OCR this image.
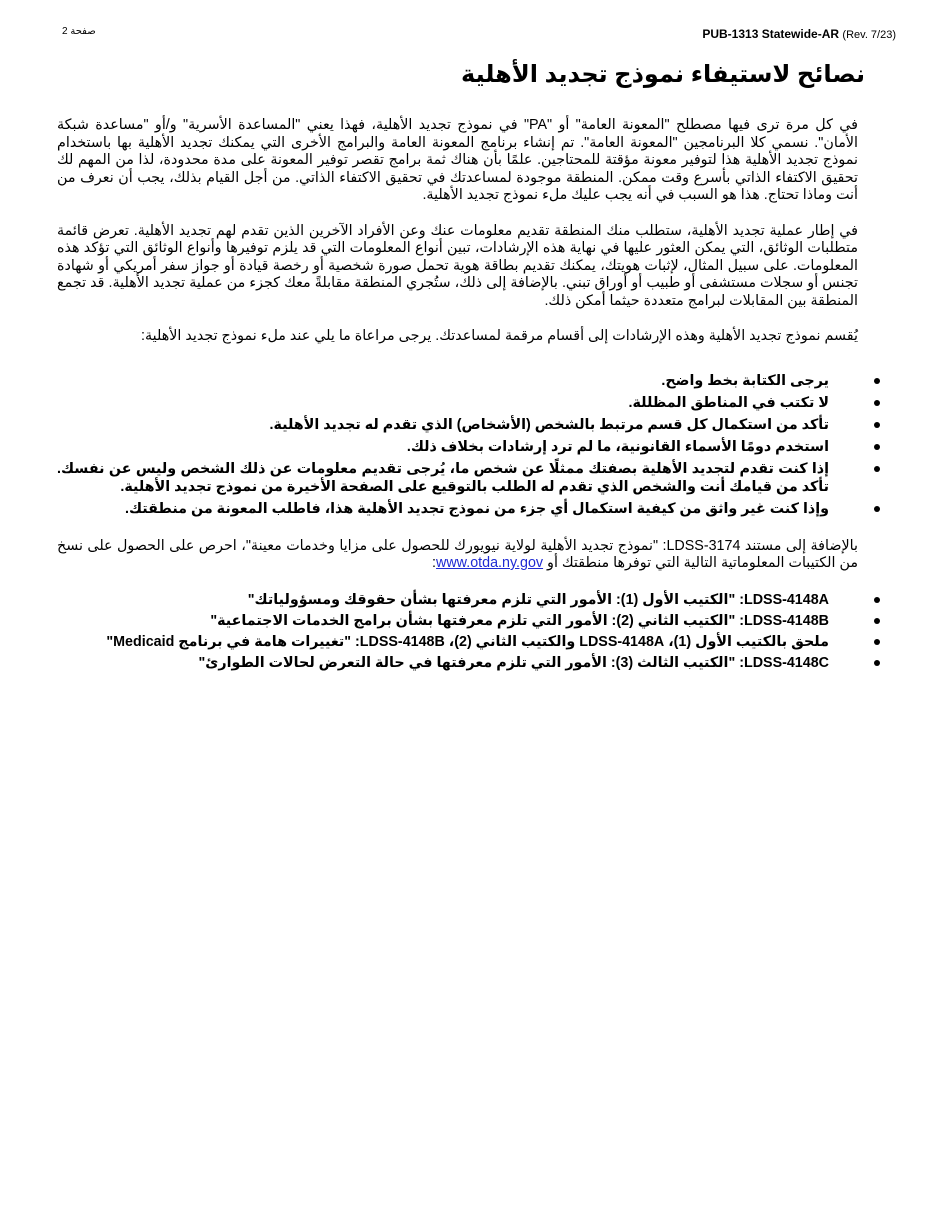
صفحة 2	PUB-1313 Statewide-AR (Rev. 7/23)
نصائح لاستيفاء نموذج تجديد الأهلية

في كل مرة ترى فيها مصطلح "المعونة العامة" أو "PA" في نموذج تجديد الأهلية، فهذا يعني "المساعدة الأسرية" و/أو "مساعدة شبكة الأمان". نسمي كلا البرنامجين "المعونة العامة". تم إنشاء برنامج المعونة العامة والبرامج الأخرى التي يمكنك تجديد الأهلية بها باستخدام نموذج تجديد الأهلية هذا لتوفير معونة مؤقتة للمحتاجين. علمًا بأن هناك ثمة برامج تقصر توفير المعونة على مدة محدودة، لذا من المهم لك تحقيق الاكتفاء الذاتي بأسرع وقت ممكن. المنطقة موجودة لمساعدتك في تحقيق الاكتفاء الذاتي. من أجل القيام بذلك، يجب أن نعرف من أنت وماذا تحتاج. هذا هو السبب في أنه يجب عليك ملء نموذج تجديد الأهلية.

في إطار عملية تجديد الأهلية، ستطلب منك المنطقة تقديم معلومات عنك وعن الأفراد الآخرين الذين تقدم لهم تجديد الأهلية. تعرض قائمة متطلبات الوثائق، التي يمكن العثور عليها في نهاية هذه الإرشادات، تبين أنواع المعلومات التي قد يلزم توفيرها وأنواع الوثائق التي تؤكد هذه المعلومات. على سبيل المثال، لإثبات هويتك، يمكنك تقديم بطاقة هوية تحمل صورة شخصية أو رخصة قيادة أو جواز سفر أمريكي أو شهادة تجنس أو سجلات مستشفى أو طبيب أو أوراق تبني. بالإضافة إلى ذلك، ستُجري المنطقة مقابلةً معك كجزء من عملية تجديد الأهلية. قد تجمع المنطقة بين المقابلات لبرامج متعددة حيثما أمكن ذلك.

يُقسم نموذج تجديد الأهلية وهذه الإرشادات إلى أقسام مرقمة لمساعدتك. يرجى مراعاة ما يلي عند ملء نموذج تجديد الأهلية:

يرجى الكتابة بخط واضح.
لا تكتب في المناطق المظللة.
تأكد من استكمال كل قسم مرتبط بالشخص (الأشخاص) الذي تقدم له تجديد الأهلية.
استخدم دومًا الأسماء القانونية، ما لم ترد إرشادات بخلاف ذلك.
إذا كنت تقدم لتجديد الأهلية بصفتك ممثلًا عن شخص ما، يُرجى تقديم معلومات عن ذلك الشخص وليس عن نفسك. تأكد من قيامك أنت والشخص الذي تقدم له الطلب بالتوقيع على الصفحة الأخيرة من نموذج تجديد الأهلية.
وإذا كنت غير واثق من كيفية استكمال أي جزء من نموذج تجديد الأهلية هذا، فاطلب المعونة من منطقتك.

بالإضافة إلى مستند LDSS-3174: "نموذج تجديد الأهلية لولاية نيويورك للحصول على مزايا وخدمات معينة"، احرص على الحصول على نسخ من الكتيبات المعلوماتية التالية التي توفرها منطقتك أو www.otda.ny.gov:

LDSS-4148A: "الكتيب الأول (1): الأمور التي تلزم معرفتها بشأن حقوقك ومسؤولياتك"
LDSS-4148B: "الكتيب الثاني (2): الأمور التي تلزم معرفتها بشأن برامج الخدمات الاجتماعية"
ملحق بالكتيب الأول (1)، LDSS-4148A والكتيب الثاني (2)، LDSS-4148B: "تغييرات هامة في برنامج Medicaid"
LDSS-4148C: "الكتيب الثالث (3): الأمور التي تلزم معرفتها في حالة التعرض لحالات الطوارئ"
